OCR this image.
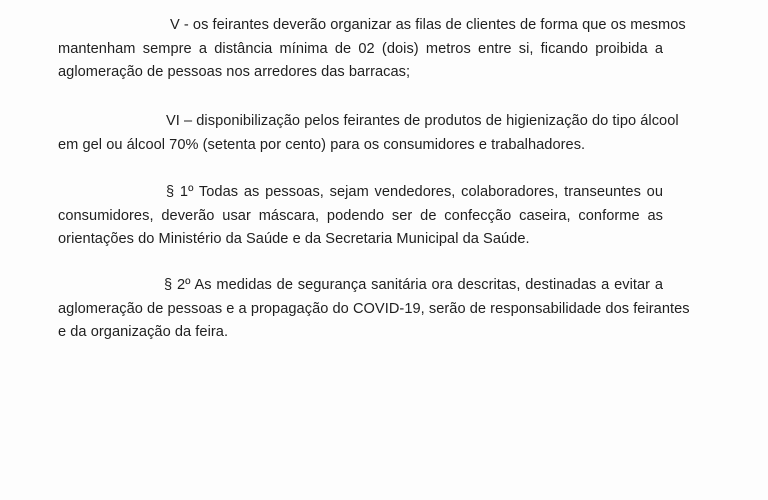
V - os feirantes deverão organizar as filas de clientes de forma que os mesmos
mantenham sempre a distância mínima de 02 (dois) metros entre si, ficando proibida a
aglomeração de pessoas nos arredores das barracas;

VI – disponibilização pelos feirantes de produtos de higienização do tipo álcool
em gel ou álcool 70% (setenta por cento) para os consumidores e trabalhadores.

§ 1º Todas as pessoas, sejam vendedores, colaboradores, transeuntes ou
consumidores, deverão usar máscara, podendo ser de confecção caseira, conforme as
orientações do Ministério da Saúde e da Secretaria Municipal da Saúde.

§ 2º As medidas de segurança sanitária ora descritas, destinadas a evitar a
aglomeração de pessoas e a propagação do COVID-19, serão de responsabilidade dos feirantes
e da organização da feira.
